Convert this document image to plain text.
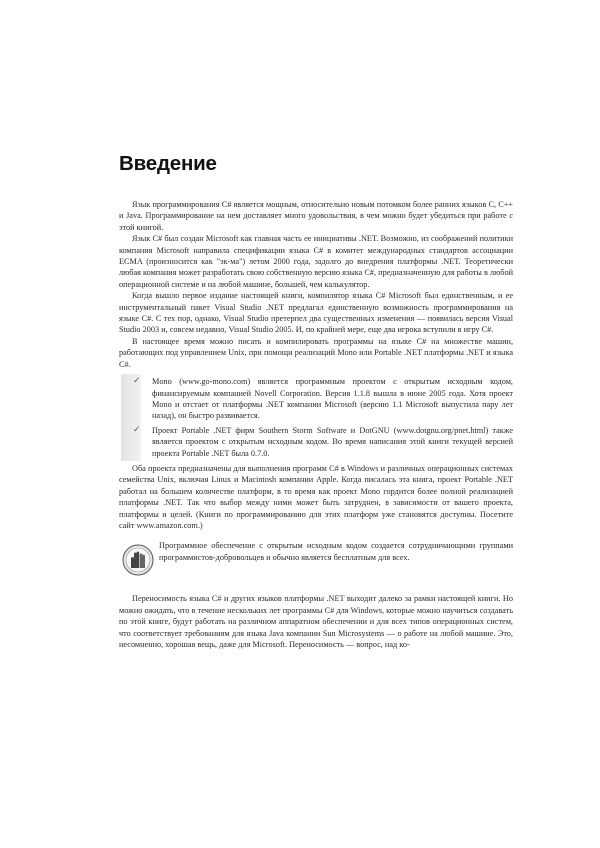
Введение

Язык программирования C# является мощным, относительно новым потомком более ранних языков C, C++ и Java. Программирование на нем доставляет много удовольствия, в чем можно будет убедиться при работе с этой книгой.

Язык C# был создан Microsoft как главная часть ее инициативы .NET. Возможно, из соображений политики компания Microsoft направила спецификации языка C# в комитет международных стандартов ассоциации ECMA (произносится как "эк-ма") летом 2000 года, задолго до внедрения платформы .NET. Теоретически любая компания может разработать свою собственную версию языка C#, предназначенную для работы в любой операционной системе и на любой машине, большей, чем калькулятор.

Когда вышло первое издание настоящей книги, компилятор языка C# Microsoft был единственным, и ее инструментальный пакет Visual Studio .NET предлагал единственную возможность программирования на языке C#. С тех пор, однако, Visual Studio претерпел два существенных изменения — появилась версия Visual Studio 2003 и, совсем недавно, Visual Studio 2005. И, по крайней мере, еще два игрока вступили в игру C#.

В настоящее время можно писать и компилировать программы на языке C# на множестве машин, работающих под управлением Unix, при помощи реализаций Mono или Portable .NET платформы .NET и языка C#.

✓ Mono (www.go-mono.com) является программным проектом с открытым исходным кодом, финансируемым компанией Novell Corporation. Версия 1.1.8 вышла в июне 2005 года. Хотя проект Mono и отстает от платформы .NET компании Microsoft (версию 1.1 Microsoft выпустила пару лет назад), он быстро развивается.

✓ Проект Portable .NET фирм Southern Storm Software и DotGNU (www.dotgnu.org/pnet.html) также является проектом с открытым исходным кодом. Во время написания этой книги текущей версией проекта Portable .NET была 0.7.0.

Оба проекта предназначены для выполнения программ C# в Windows и различных операционных системах семейства Unix, включая Linux и Macintosh компании Apple. Когда писалась эта книга, проект Portable .NET работал на большем количестве платформ, в то время как проект Mono гордится более полной реализацией платформы .NET. Так что выбор между ними может быть затруднен, в зависимости от вашего проекта, платформы и целей. (Книги по программированию для этих платформ уже становятся доступны. Посетите сайт www.amazon.com.)

Программное обеспечение с открытым исходным кодом создается сотрудничающими группами программистов-добровольцев и обычно является бесплатным для всех.

Переносимость языка C# и других языков платформы .NET выходит далеко за рамки настоящей книги. Но можно ожидать, что в течение нескольких лет программы C# для Windows, которые можно научиться создавать по этой книге, будут работать на различном аппаратном обеспечении и для всех типов операционных систем, что соответствует требованиям для языка Java компании Sun Microsystems — о работе на любой машине. Это, несомненно, хорошая вещь, даже для Microsoft. Переносимость — вопрос, над ко-
